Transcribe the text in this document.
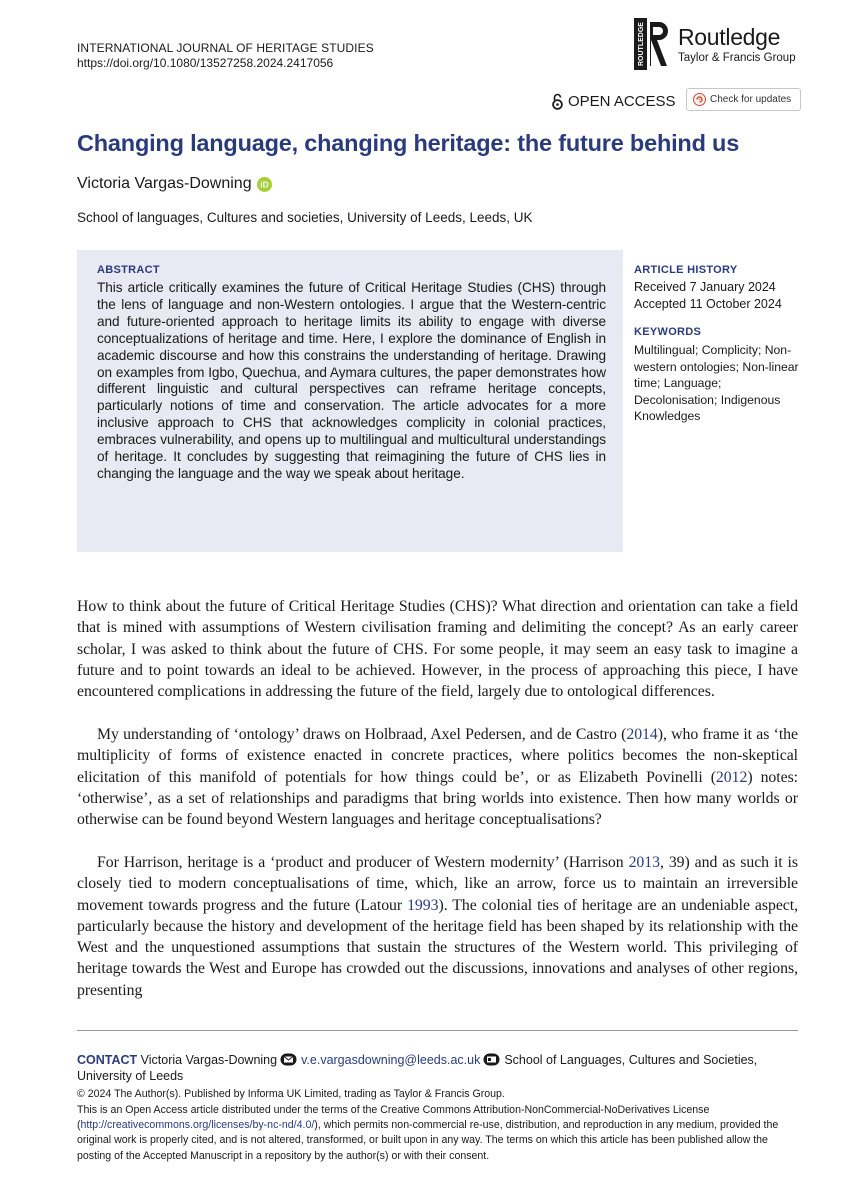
INTERNATIONAL JOURNAL OF HERITAGE STUDIES
https://doi.org/10.1080/13527258.2024.2417056	ROUTLEDGE Routledge
Taylor & Francis Group
OPEN ACCESS	Check for updates
Changing language, changing heritage: the future behind us
Victoria Vargas-Downing iD
School of languages, Cultures and societies, University of Leeds, Leeds, UK
ABSTRACT

This article critically examines the future of Critical Heritage Studies (CHS) through the lens of language and non-Western ontologies. I argue that the Western-centric and future-oriented approach to heritage limits its ability to engage with diverse conceptualizations of heritage and time. Here, I explore the dominance of English in academic discourse and how this constrains the understanding of heritage. Drawing on examples from Igbo, Quechua, and Aymara cultures, the paper demonstrates how different linguistic and cultural perspectives can reframe heritage concepts, particularly notions of time and conservation. The article advocates for a more inclusive approach to CHS that acknowledges complicity in colonial practices, embraces vulnerability, and opens up to multilingual and multicultural understandings of heritage. It concludes by suggesting that reimagining the future of CHS lies in changing the language and the way we speak about heritage.

ARTICLE HISTORY
Received 7 January 2024
Accepted 11 October 2024
KEYWORDS

Multilingual; Complicity; Non-western ontologies; Non-linear time; Language; Decolonisation; Indigenous Knowledges

How to think about the future of Critical Heritage Studies (CHS)? What direction and orientation can take a field that is mined with assumptions of Western civilisation framing and delimiting the concept? As an early career scholar, I was asked to think about the future of CHS. For some people, it may seem an easy task to imagine a future and to point towards an ideal to be achieved. However, in the process of approaching this piece, I have encountered complications in addressing the future of the field, largely due to ontological differences.

My understanding of ‘ontology’ draws on Holbraad, Axel Pedersen, and de Castro (2014), who frame it as ‘the multiplicity of forms of existence enacted in concrete practices, where politics becomes the non-skeptical elicitation of this manifold of potentials for how things could be’, or as Elizabeth Povinelli (2012) notes: ‘otherwise’, as a set of relationships and paradigms that bring worlds into existence. Then how many worlds or otherwise can be found beyond Western languages and heritage conceptualisations?

For Harrison, heritage is a ‘product and producer of Western modernity’ (Harrison 2013, 39) and as such it is closely tied to modern conceptualisations of time, which, like an arrow, force us to maintain an irreversible movement towards progress and the future (Latour 1993). The colonial ties of heritage are an undeniable aspect, particularly because the history and development of the heritage field has been shaped by its relationship with the West and the unquestioned assumptions that sustain the structures of the Western world. This privileging of heritage towards the West and Europe has crowded out the discussions, innovations and analyses of other regions, presenting

CONTACT Victoria Vargas-Downing v.e.vargasdowning@leeds.ac.uk School of Languages, Cultures and Societies, University of Leeds
© 2024 The Author(s). Published by Informa UK Limited, trading as Taylor & Francis Group.

This is an Open Access article distributed under the terms of the Creative Commons Attribution-NonCommercial-NoDerivatives License (http://creativecommons.org/licenses/by-nc-nd/4.0/), which permits non-commercial re-use, distribution, and reproduction in any medium, provided the original work is properly cited, and is not altered, transformed, or built upon in any way. The terms on which this article has been published allow the posting of the Accepted Manuscript in a repository by the author(s) or with their consent.
